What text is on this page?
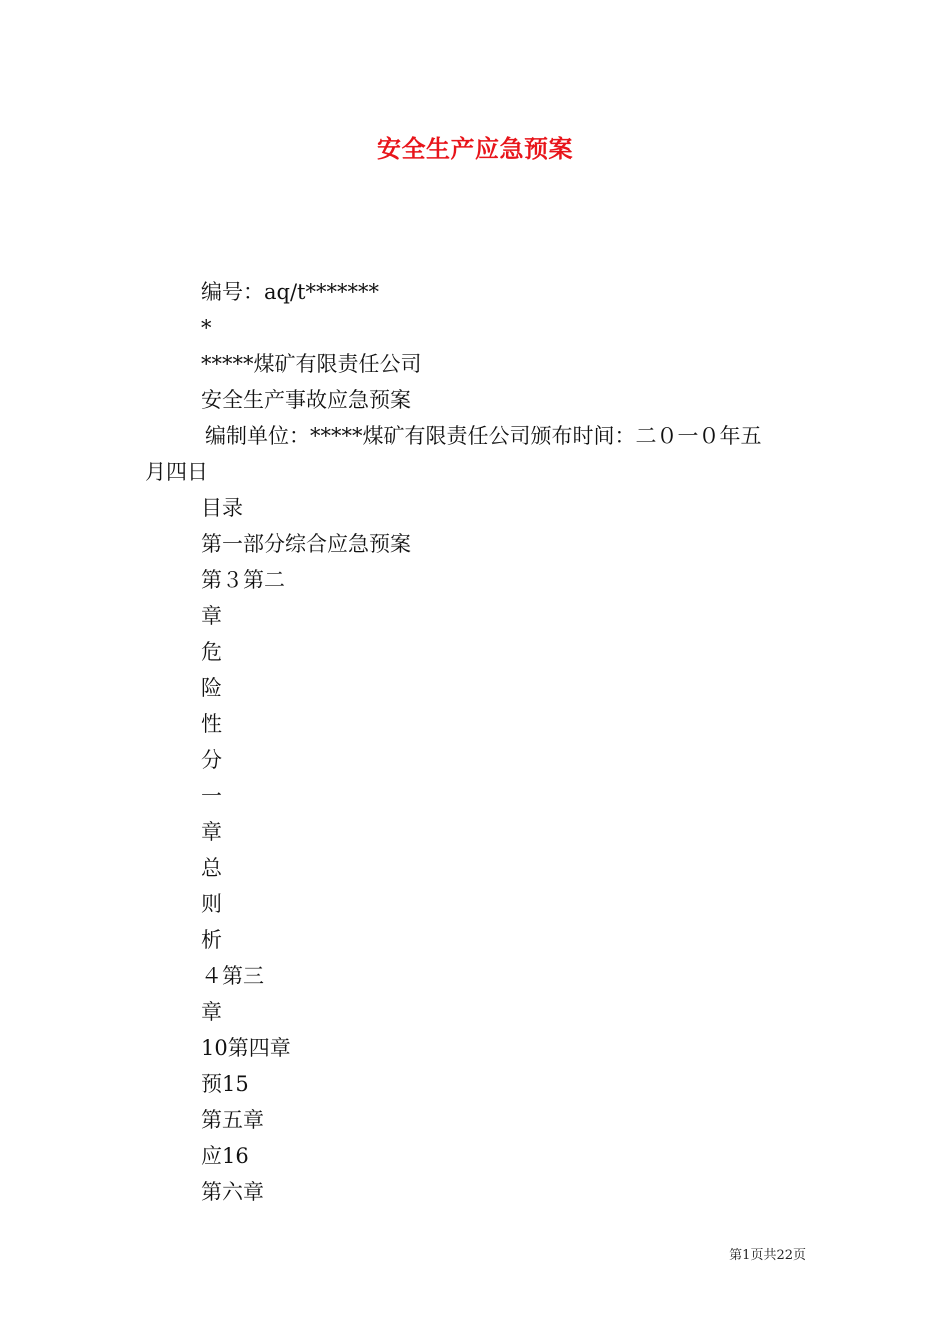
安全生产应急预案
编号：aq/t*******
*
*****煤矿有限责任公司
安全生产事故应急预案
编制单位：*****煤矿有限责任公司颁布时间：二０一０年五
月四日
目录
第一部分综合应急预案
第３第二
章
危
险
性
分
一
章
总
则
析
４第三
章
10第四章
预15
第五章
应16
第六章
第1页共22页
